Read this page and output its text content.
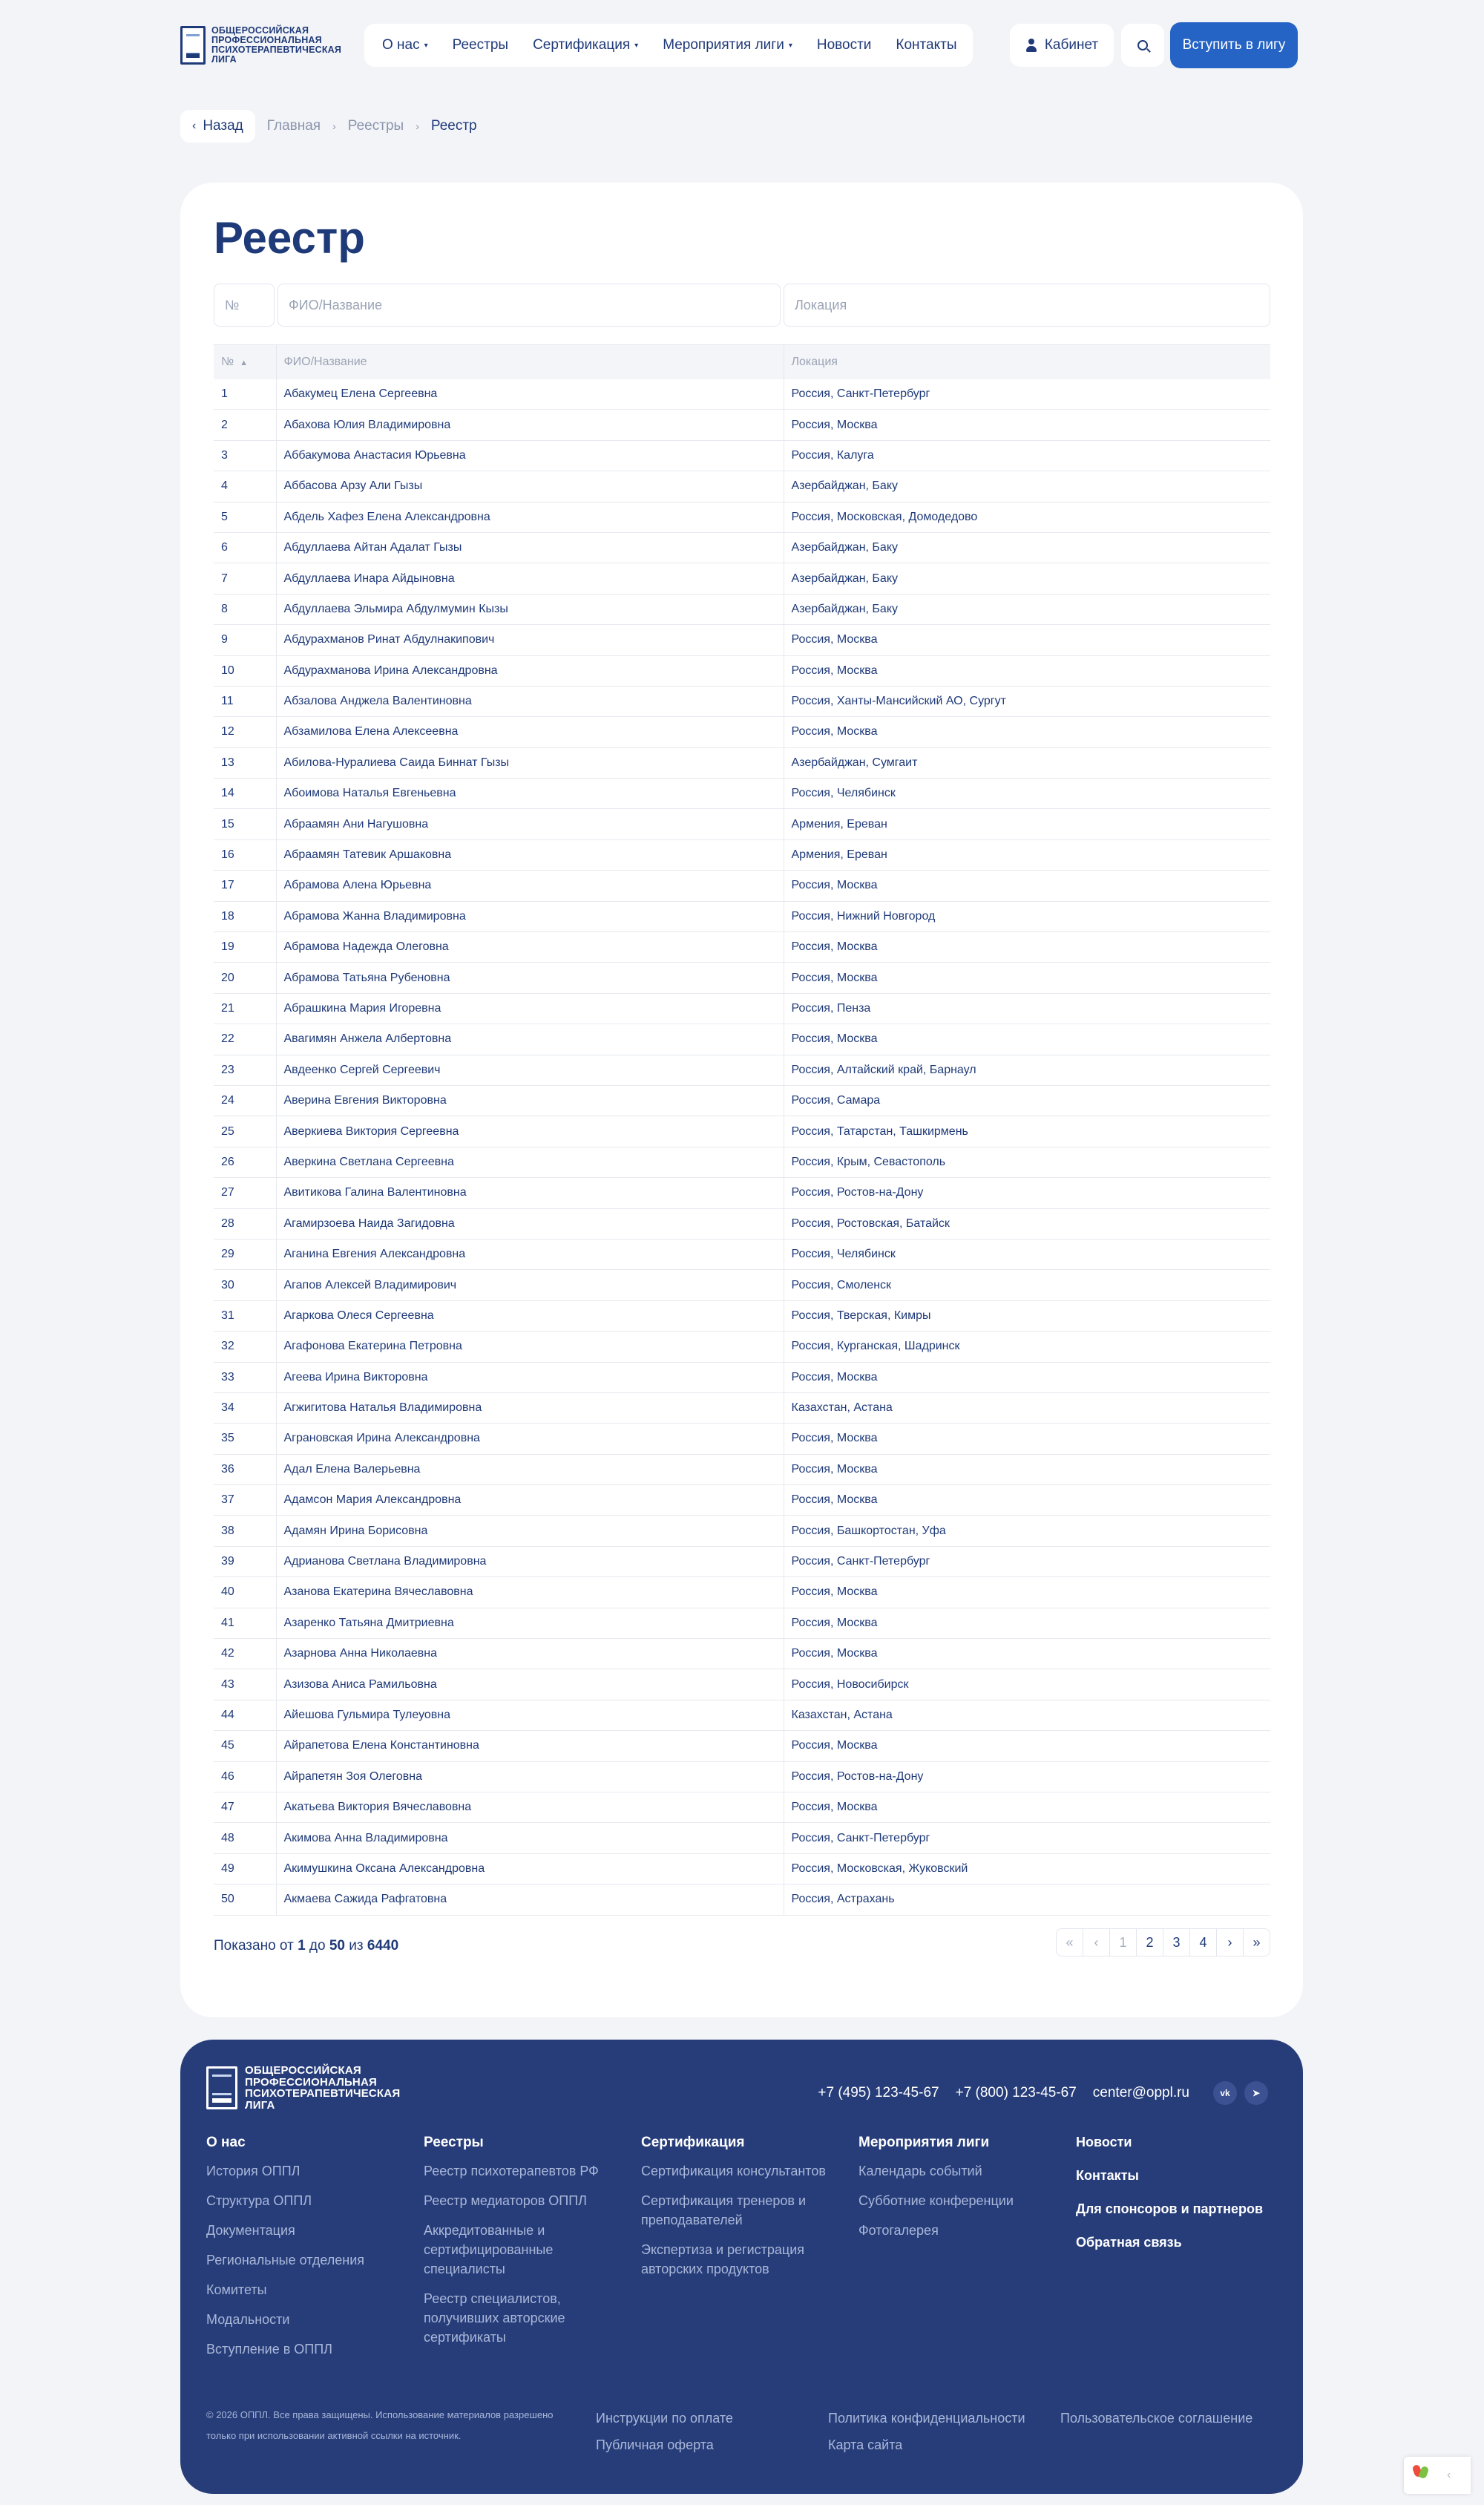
ОБЩЕРОССИЙСКАЯ ПРОФЕССИОНАЛЬНАЯ ПСИХОТЕРАПЕВТИЧЕСКАЯ ЛИГА
О нас ▾ Реестры Сертификация ▾ Мероприятия лиги ▾ Новости Контакты	Кабинет	Вступить в лигу
‹ Назад Главная › Реестры › Реестр
Реестр
№
ФИО/Название
Локация
№ ▲	ФИО/Название	Локация
1	Абакумец Елена Сергеевна	Россия, Санкт-Петербург
2	Абахова Юлия Владимировна	Россия, Москва
3	Аббакумова Анастасия Юрьевна	Россия, Калуга
4	Аббасова Арзу Али Гызы	Азербайджан, Баку
5	Абдель Хафез Елена Александровна	Россия, Московская, Домодедово
6	Абдуллаева Айтан Адалат Гызы	Азербайджан, Баку
7	Абдуллаева Инара Айдыновна	Азербайджан, Баку
8	Абдуллаева Эльмира Абдулмумин Кызы	Азербайджан, Баку
9	Абдурахманов Ринат Абдулнакипович	Россия, Москва
10	Абдурахманова Ирина Александровна	Россия, Москва
11	Абзалова Анджела Валентиновна	Россия, Ханты-Мансийский АО, Сургут
12	Абзамилова Елена Алексеевна	Россия, Москва
13	Абилова-Нуралиева Саида Биннат Гызы	Азербайджан, Сумгаит
14	Абоимова Наталья Евгеньевна	Россия, Челябинск
15	Абраамян Ани Нагушовна	Армения, Ереван
16	Абраамян Татевик Аршаковна	Армения, Ереван
17	Абрамова Алена Юрьевна	Россия, Москва
18	Абрамова Жанна Владимировна	Россия, Нижний Новгород
19	Абрамова Надежда Олеговна	Россия, Москва
20	Абрамова Татьяна Рубеновна	Россия, Москва
21	Абрашкина Мария Игоревна	Россия, Пенза
22	Авагимян Анжела Албертовна	Россия, Москва
23	Авдеенко Сергей Сергеевич	Россия, Алтайский край, Барнаул
24	Аверина Евгения Викторовна	Россия, Самара
25	Аверкиева Виктория Сергеевна	Россия, Татарстан, Ташкирмень
26	Аверкина Светлана Сергеевна	Россия, Крым, Севастополь
27	Авитикова Галина Валентиновна	Россия, Ростов-на-Дону
28	Агамирзоева Наида Загидовна	Россия, Ростовская, Батайск
29	Аганина Евгения Александровна	Россия, Челябинск
30	Агапов Алексей Владимирович	Россия, Смоленск
31	Агаркова Олеся Сергеевна	Россия, Тверская, Кимры
32	Агафонова Екатерина Петровна	Россия, Курганская, Шадринск
33	Агеева Ирина Викторовна	Россия, Москва
34	Агжигитова Наталья Владимировна	Казахстан, Астана
35	Аграновская Ирина Александровна	Россия, Москва
36	Адал Елена Валерьевна	Россия, Москва
37	Адамсон Мария Александровна	Россия, Москва
38	Адамян Ирина Борисовна	Россия, Башкортостан, Уфа
39	Адрианова Светлана Владимировна	Россия, Санкт-Петербург
40	Азанова Екатерина Вячеславовна	Россия, Москва
41	Азаренко Татьяна Дмитриевна	Россия, Москва
42	Азарнова Анна Николаевна	Россия, Москва
43	Азизова Аниса Рамильовна	Россия, Новосибирск
44	Айешова Гульмира Тулеуовна	Казахстан, Астана
45	Айрапетова Елена Константиновна	Россия, Москва
46	Айрапетян Зоя Олеговна	Россия, Ростов-на-Дону
47	Акатьева Виктория Вячеславовна	Россия, Москва
48	Акимова Анна Владимировна	Россия, Санкт-Петербург
49	Акимушкина Оксана Александровна	Россия, Московская, Жуковский
50	Акмаева Сажида Рафгатовна	Россия, Астрахань
Показано от 1 до 50 из 6440	«	‹	1	2	3	4	›	»
ОБЩЕРОССИЙСКАЯ ПРОФЕССИОНАЛЬНАЯ ПСИХОТЕРАПЕВТИЧЕСКАЯ ЛИГА
+7 (495) 123-45-67 +7 (800) 123-45-67 center@oppl.ru	vk	➤
О нас
История ОППЛ
Структура ОППЛ
Документация
Региональные отделения
Комитеты
Модальности
Вступление в ОППЛ
Реестры
Реестр психотерапевтов РФ
Реестр медиаторов ОППЛ
Аккредитованные и сертифицированные специалисты
Реестр специалистов, получивших авторские сертификаты
Сертификация
Сертификация консультантов
Сертификация тренеров и преподавателей
Экспертиза и регистрация авторских продуктов
Мероприятия лиги
Календарь событий
Субботние конференции
Фотогалерея
Новости
Контакты
Для спонсоров и партнеров
Обратная связь
© 2026 ОППЛ. Все права защищены. Использование материалов разрешено только при использовании активной ссылки на источник.
Инструкции по оплате
Публичная оферта
Политика конфиденциальности
Карта сайта
Пользовательское соглашение
‹
